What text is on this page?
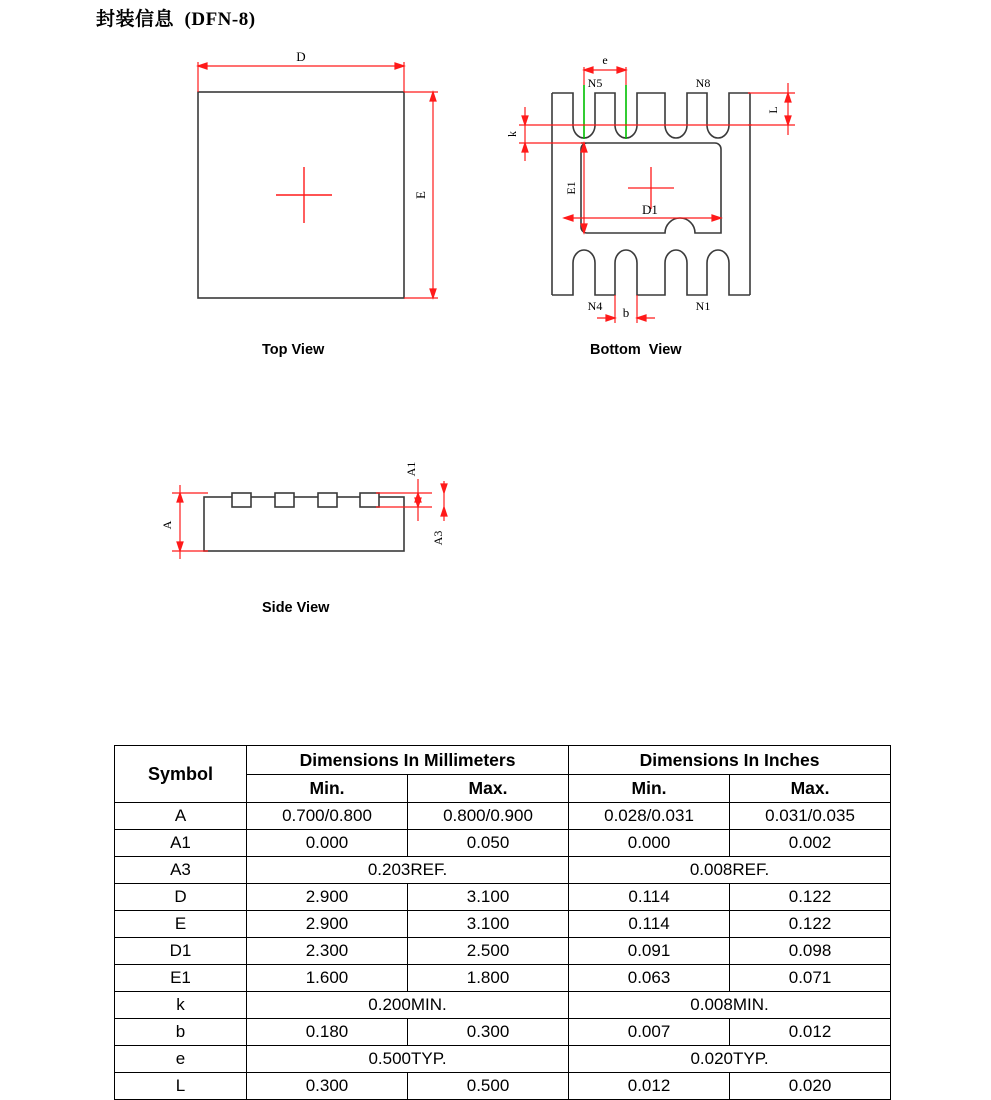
封装信息 (DFN-8)
D
E
Top View
e
k
L
E1
D1
b
N5	N8
N4	N1
Bottom  View
A
A1
A3
Side View
Symbol	Dimensions In Millimeters		Dimensions In Inches	
	Min.	Max.	Min.	Max.
A	0.700/0.800	0.800/0.900	0.028/0.031	0.031/0.035
A1	0.000	0.050	0.000	0.002
A3	0.203REF.		0.008REF.	
D	2.900	3.100	0.114	0.122
E	2.900	3.100	0.114	0.122
D1	2.300	2.500	0.091	0.098
E1	1.600	1.800	0.063	0.071
k	0.200MIN.		0.008MIN.	
b	0.180	0.300	0.007	0.012
e	0.500TYP.		0.020TYP.	
L	0.300	0.500	0.012	0.020
